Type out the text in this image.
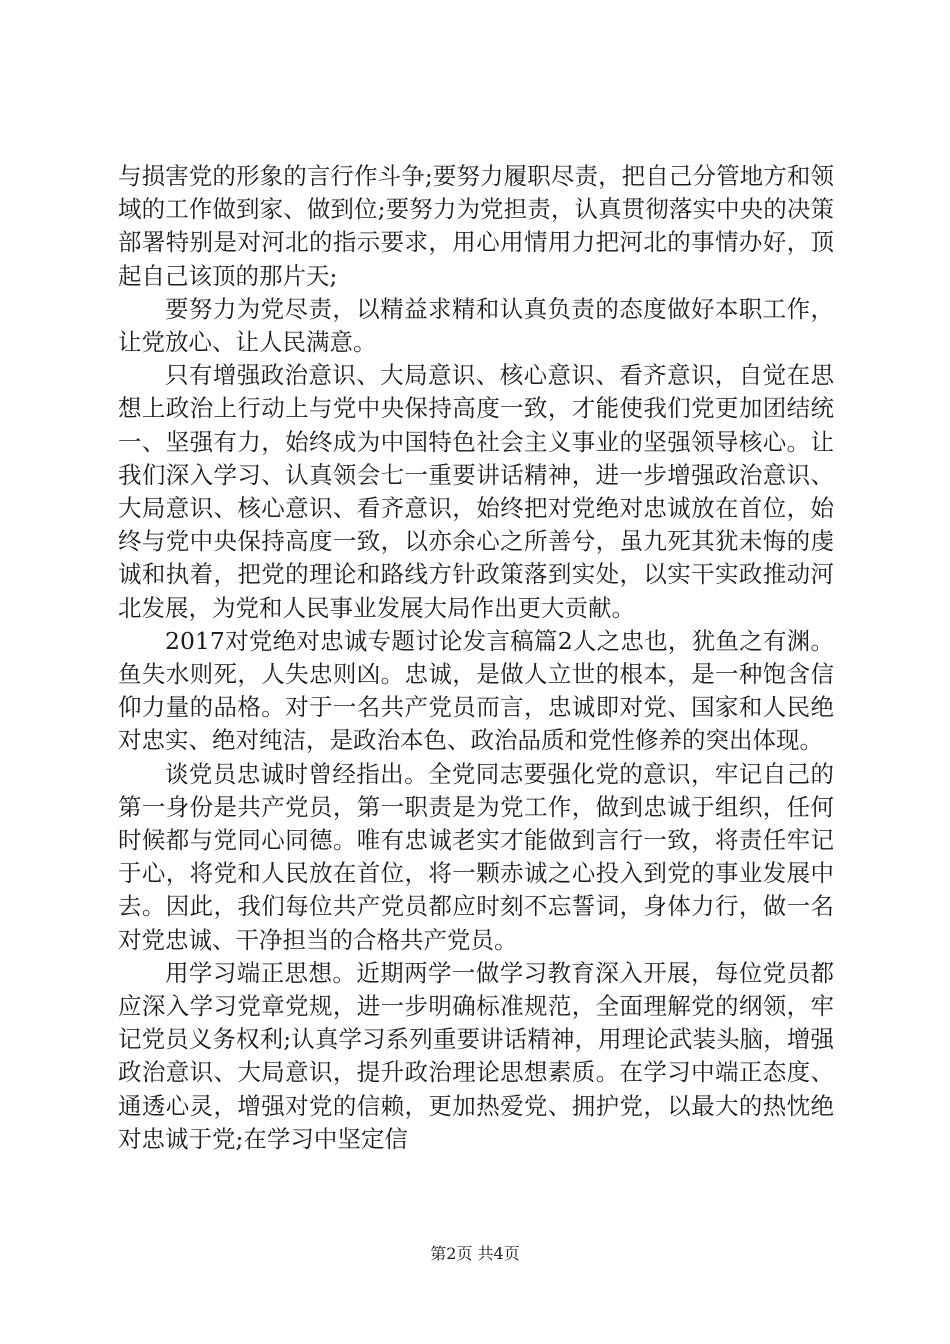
与损害党的形象的言行作斗争;要努力履职尽责，把自己分管地方和领域的工作做到家、做到位;要努力为党担责，认真贯彻落实中央的决策部署特别是对河北的指示要求，用心用情用力把河北的事情办好，顶起自己该顶的那片天;

要努力为党尽责，以精益求精和认真负责的态度做好本职工作，让党放心、让人民满意。

只有增强政治意识、大局意识、核心意识、看齐意识，自觉在思想上政治上行动上与党中央保持高度一致，才能使我们党更加团结统一、坚强有力，始终成为中国特色社会主义事业的坚强领导核心。让我们深入学习、认真领会七一重要讲话精神，进一步增强政治意识、大局意识、核心意识、看齐意识，始终把对党绝对忠诚放在首位，始终与党中央保持高度一致，以亦余心之所善兮，虽九死其犹未悔的虔诚和执着，把党的理论和路线方针政策落到实处，以实干实政推动河北发展，为党和人民事业发展大局作出更大贡献。

2017对党绝对忠诚专题讨论发言稿篇2人之忠也，犹鱼之有渊。鱼失水则死，人失忠则凶。忠诚，是做人立世的根本，是一种饱含信仰力量的品格。对于一名共产党员而言，忠诚即对党、国家和人民绝对忠实、绝对纯洁，是政治本色、政治品质和党性修养的突出体现。

谈党员忠诚时曾经指出。全党同志要强化党的意识，牢记自己的第一身份是共产党员，第一职责是为党工作，做到忠诚于组织，任何时候都与党同心同德。唯有忠诚老实才能做到言行一致，将责任牢记于心，将党和人民放在首位，将一颗赤诚之心投入到党的事业发展中去。因此，我们每位共产党员都应时刻不忘誓词，身体力行，做一名对党忠诚、干净担当的合格共产党员。

用学习端正思想。近期两学一做学习教育深入开展，每位党员都应深入学习党章党规，进一步明确标准规范，全面理解党的纲领，牢记党员义务权利;认真学习系列重要讲话精神，用理论武装头脑，增强政治意识、大局意识，提升政治理论思想素质。在学习中端正态度、通透心灵，增强对党的信赖，更加热爱党、拥护党，以最大的热忱绝对忠诚于党;在学习中坚定信

第2页 共4页
